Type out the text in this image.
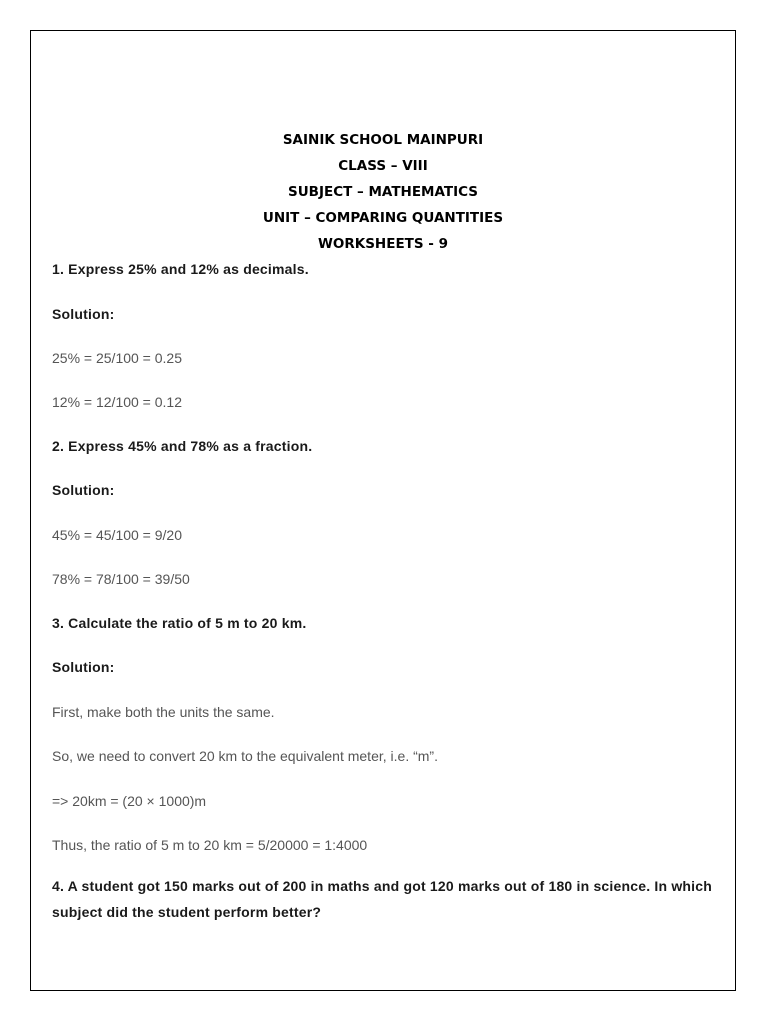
SAINIK SCHOOL MAINPURI
CLASS – VIII
SUBJECT – MATHEMATICS
UNIT – COMPARING QUANTITIES
WORKSHEETS - 9
1. Express 25% and 12% as decimals.
Solution:
25% = 25/100 = 0.25
12% = 12/100 = 0.12
2. Express 45% and 78% as a fraction.
Solution:
45% = 45/100 = 9/20
78% = 78/100 = 39/50
3. Calculate the ratio of 5 m to 20 km.
Solution:
First, make both the units the same.
So, we need to convert 20 km to the equivalent meter, i.e. “m”.
=> 20km = (20 × 1000)m
Thus, the ratio of 5 m to 20 km = 5/20000 = 1:4000
4. A student got 150 marks out of 200 in maths and got 120 marks out of 180 in science. In which subject did the student perform better?
